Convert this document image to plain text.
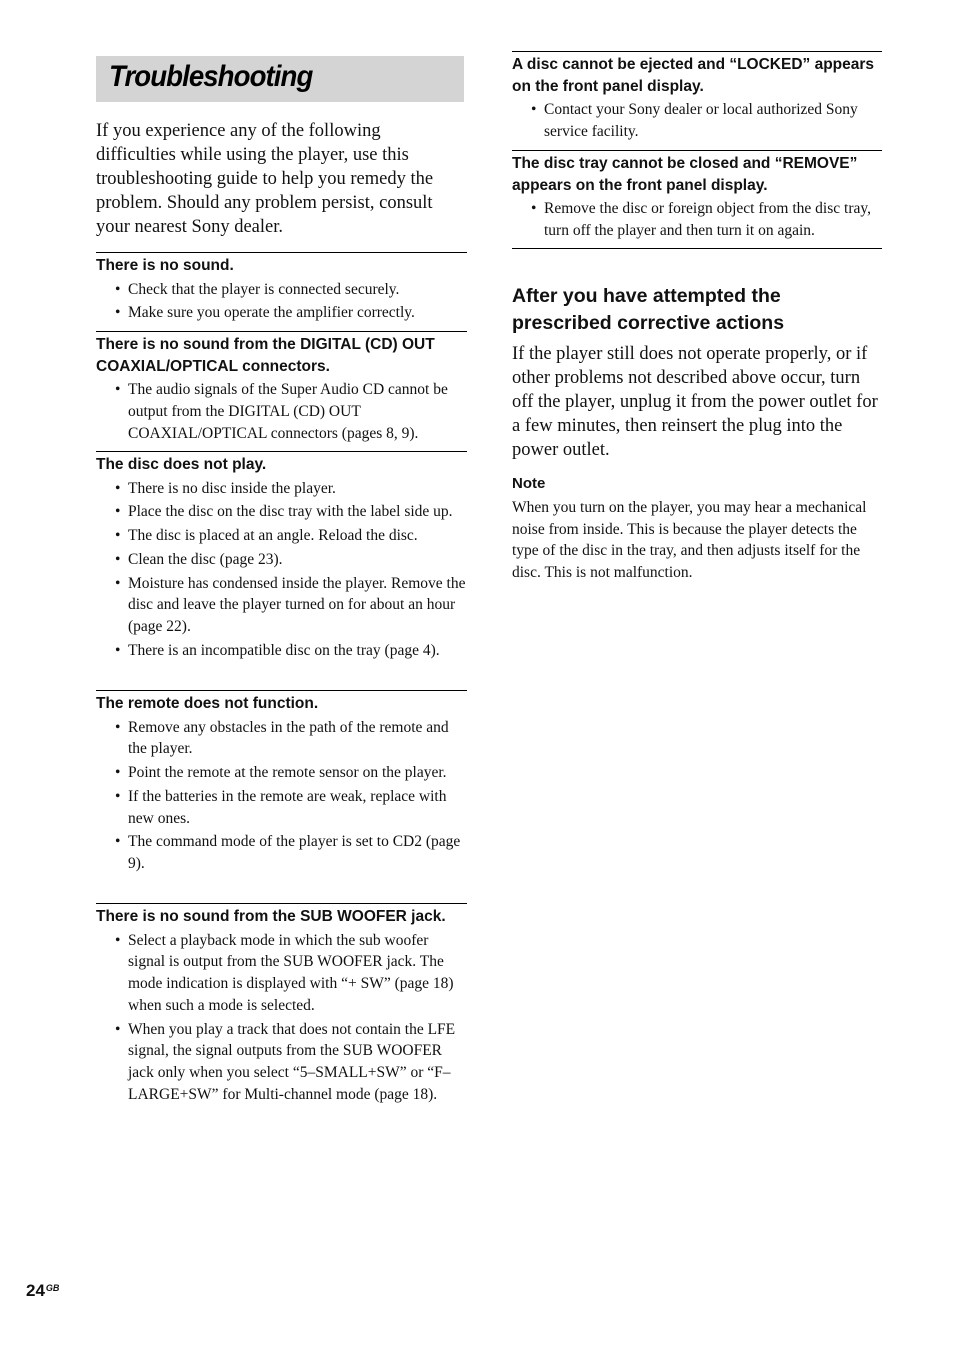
Troubleshooting
If you experience any of the following difficulties while using the player, use this troubleshooting guide to help you remedy the problem. Should any problem persist, consult your nearest Sony dealer.
There is no sound.
• Check that the player is connected securely.
• Make sure you operate the amplifier correctly.
There is no sound from the DIGITAL (CD) OUT COAXIAL/OPTICAL connectors.
• The audio signals of the Super Audio CD cannot be output from the DIGITAL (CD) OUT COAXIAL/OPTICAL connectors (pages 8, 9).
The disc does not play.
• There is no disc inside the player.
• Place the disc on the disc tray with the label side up.
• The disc is placed at an angle. Reload the disc.
• Clean the disc (page 23).
• Moisture has condensed inside the player. Remove the disc and leave the player turned on for about an hour (page 22).
• There is an incompatible disc on the tray (page 4).
The remote does not function.
• Remove any obstacles in the path of the remote and the player.
• Point the remote at the remote sensor on the player.
• If the batteries in the remote are weak, replace with new ones.
• The command mode of the player is set to CD2 (page 9).
There is no sound from the SUB WOOFER jack.
• Select a playback mode in which the sub woofer signal is output from the SUB WOOFER jack. The mode indication is displayed with “+ SW” (page 18) when such a mode is selected.
• When you play a track that does not contain the LFE signal, the signal outputs from the SUB WOOFER jack only when you select “5–SMALL+SW” or “F–LARGE+SW” for Multi-channel mode (page 18).
A disc cannot be ejected and “LOCKED” appears on the front panel display.
• Contact your Sony dealer or local authorized Sony service facility.
The disc tray cannot be closed and “REMOVE” appears on the front panel display.
• Remove the disc or foreign object from the disc tray, turn off the player and then turn it on again.
After you have attempted the prescribed corrective actions
If the player still does not operate properly, or if other problems not described above occur, turn off the player, unplug it from the power outlet for a few minutes, then reinsert the plug into the power outlet.
Note
When you turn on the player, you may hear a mechanical noise from inside. This is because the player detects the type of the disc in the tray, and then adjusts itself for the disc. This is not malfunction.
$24^{GB}$
